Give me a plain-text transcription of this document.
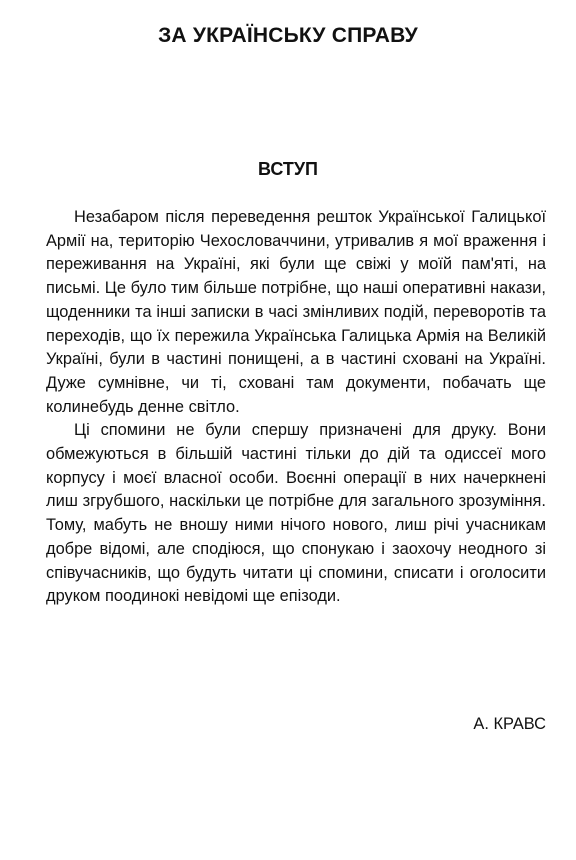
ЗА УКРАЇНСЬКУ СПРАВУ
ВСТУП

Незабаром після переведення решток Української Галицької Армії на, територію Чехословаччини, утривалив я мої враження і переживання на Україні, які були ще свіжі у моїй пам'яті, на письмі. Це було тим більше потрібне, що наші оперативні накази, щоденники та інші записки в часі змінливих подій, переворотів та переходів, що їх пережила Українська Галицька Армія на Великій Україні, були в частині понищені, а в частині сховані на Україні. Дуже сумнівне, чи ті, сховані там документи, побачать ще колинебудь денне світло.

Ці спомини не були спершу призначені для друку. Вони обмежуються в більшій частині тільки до дій та одиссеї мого корпусу і моєї власної особи. Воєнні операції в них начеркнені лиш згрубшого, наскільки це потрібне для загального зрозуміння. Тому, мабуть не вношу ними нічого нового, лиш річі учасникам добре відомі, але сподіюся, що спонукаю і заохочу неодного зі співучасників, що будуть читати ці спомини, списати і оголосити друком поодинокі невідомі ще епізоди.

А. КРАВС
